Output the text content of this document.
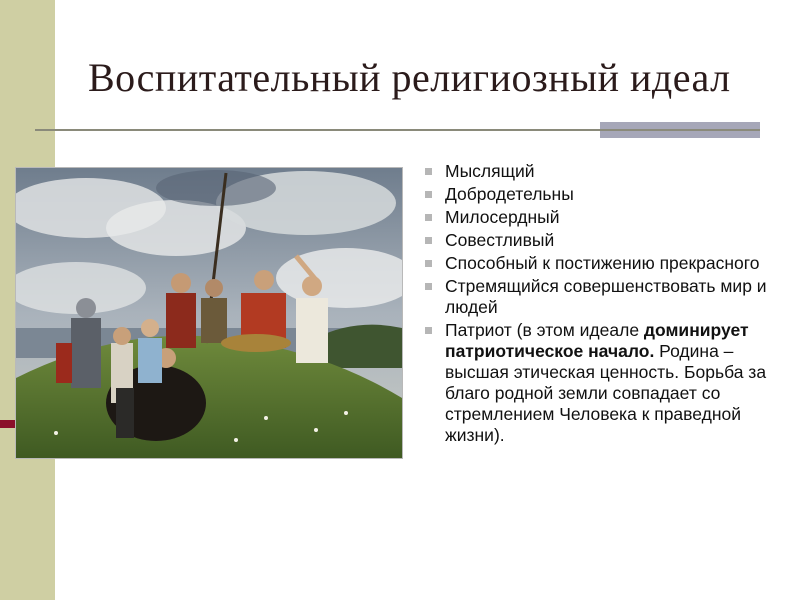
Воспитательный религиозный идеал
Мыслящий
Добродетельны
Милосердный
Совестливый
Способный к постижению прекрасного
Стремящийся совершенствовать мир и людей
Патриот (в этом идеале доминирует патриотическое начало. Родина – высшая этическая ценность. Борьба за благо родной земли совпадает со стремлением Человека к праведной жизни).
